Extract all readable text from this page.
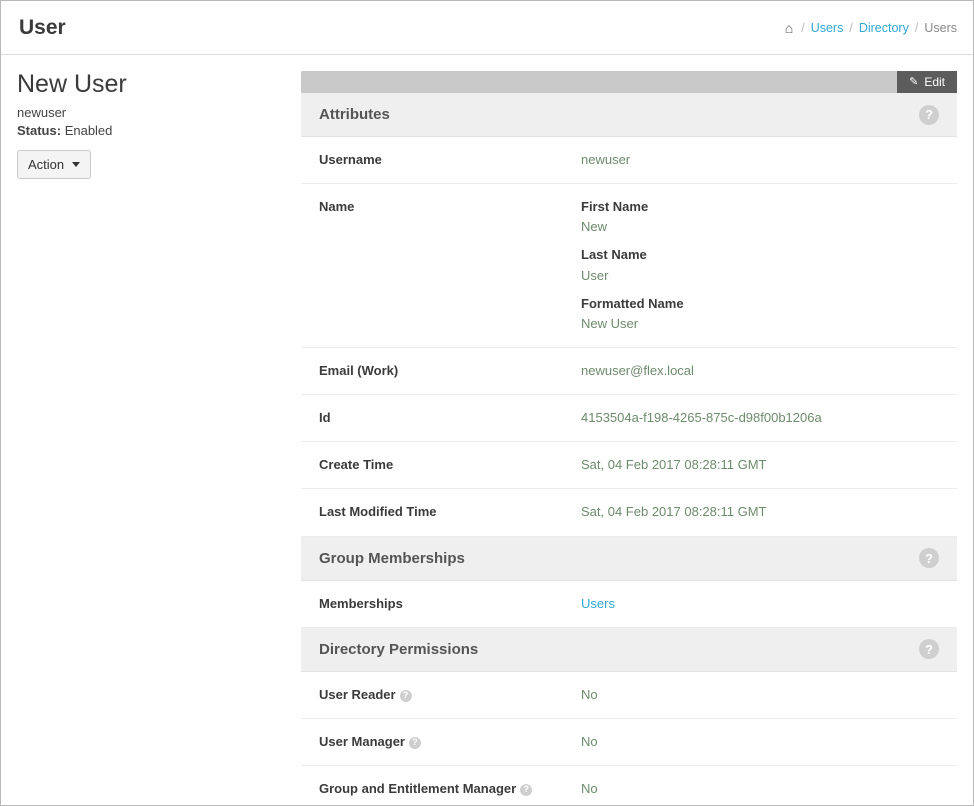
User	⌂ / Users / Directory / Users
New User
newuser
Status: Enabled
Action
✎ Edit
Attributes	?
Username	newuser
Name	First Name
New
Last Name
User
Formatted Name
New User
Email (Work)	newuser@flex.local
Id	4153504a-f198-4265-875c-d98f00b1206a
Create Time	Sat, 04 Feb 2017 08:28:11 GMT
Last Modified Time	Sat, 04 Feb 2017 08:28:11 GMT
Group Memberships	?
Memberships	Users
Directory Permissions	?
User Reader ?	No
User Manager ?	No
Group and Entitlement Manager ?	No
